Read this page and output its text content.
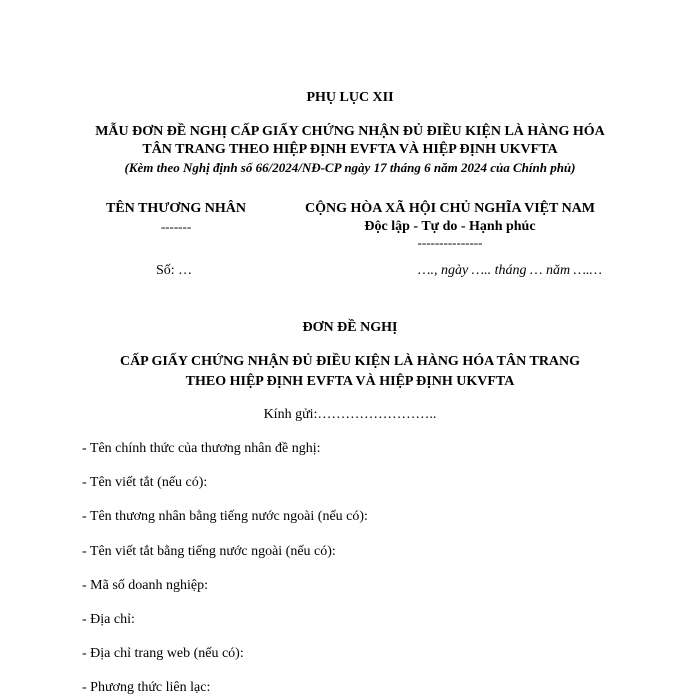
PHỤ LỤC XII
MẪU ĐƠN ĐỀ NGHỊ CẤP GIẤY CHỨNG NHẬN ĐỦ ĐIỀU KIỆN LÀ HÀNG HÓA
TÂN TRANG THEO HIỆP ĐỊNH EVFTA VÀ HIỆP ĐỊNH UKVFTA
(Kèm theo Nghị định số 66/2024/NĐ-CP ngày 17 tháng 6 năm 2024 của Chính phủ)
TÊN THƯƠNG NHÂN
-------
CỘNG HÒA XÃ HỘI CHỦ NGHĨA VIỆT NAM
Độc lập - Tự do - Hạnh phúc
---------------
Số: …	…., ngày ….. tháng … năm ….…
ĐƠN ĐỀ NGHỊ
CẤP GIẤY CHỨNG NHẬN ĐỦ ĐIỀU KIỆN LÀ HÀNG HÓA TÂN TRANG
THEO HIỆP ĐỊNH EVFTA VÀ HIỆP ĐỊNH UKVFTA
Kính gửi:……………………..
- Tên chính thức của thương nhân đề nghị:
- Tên viết tắt (nếu có):
- Tên thương nhân bằng tiếng nước ngoài (nếu có):
- Tên viết tắt bằng tiếng nước ngoài (nếu có):
- Mã số doanh nghiệp:
- Địa chỉ:
- Địa chỉ trang web (nếu có):
- Phương thức liên lạc:
